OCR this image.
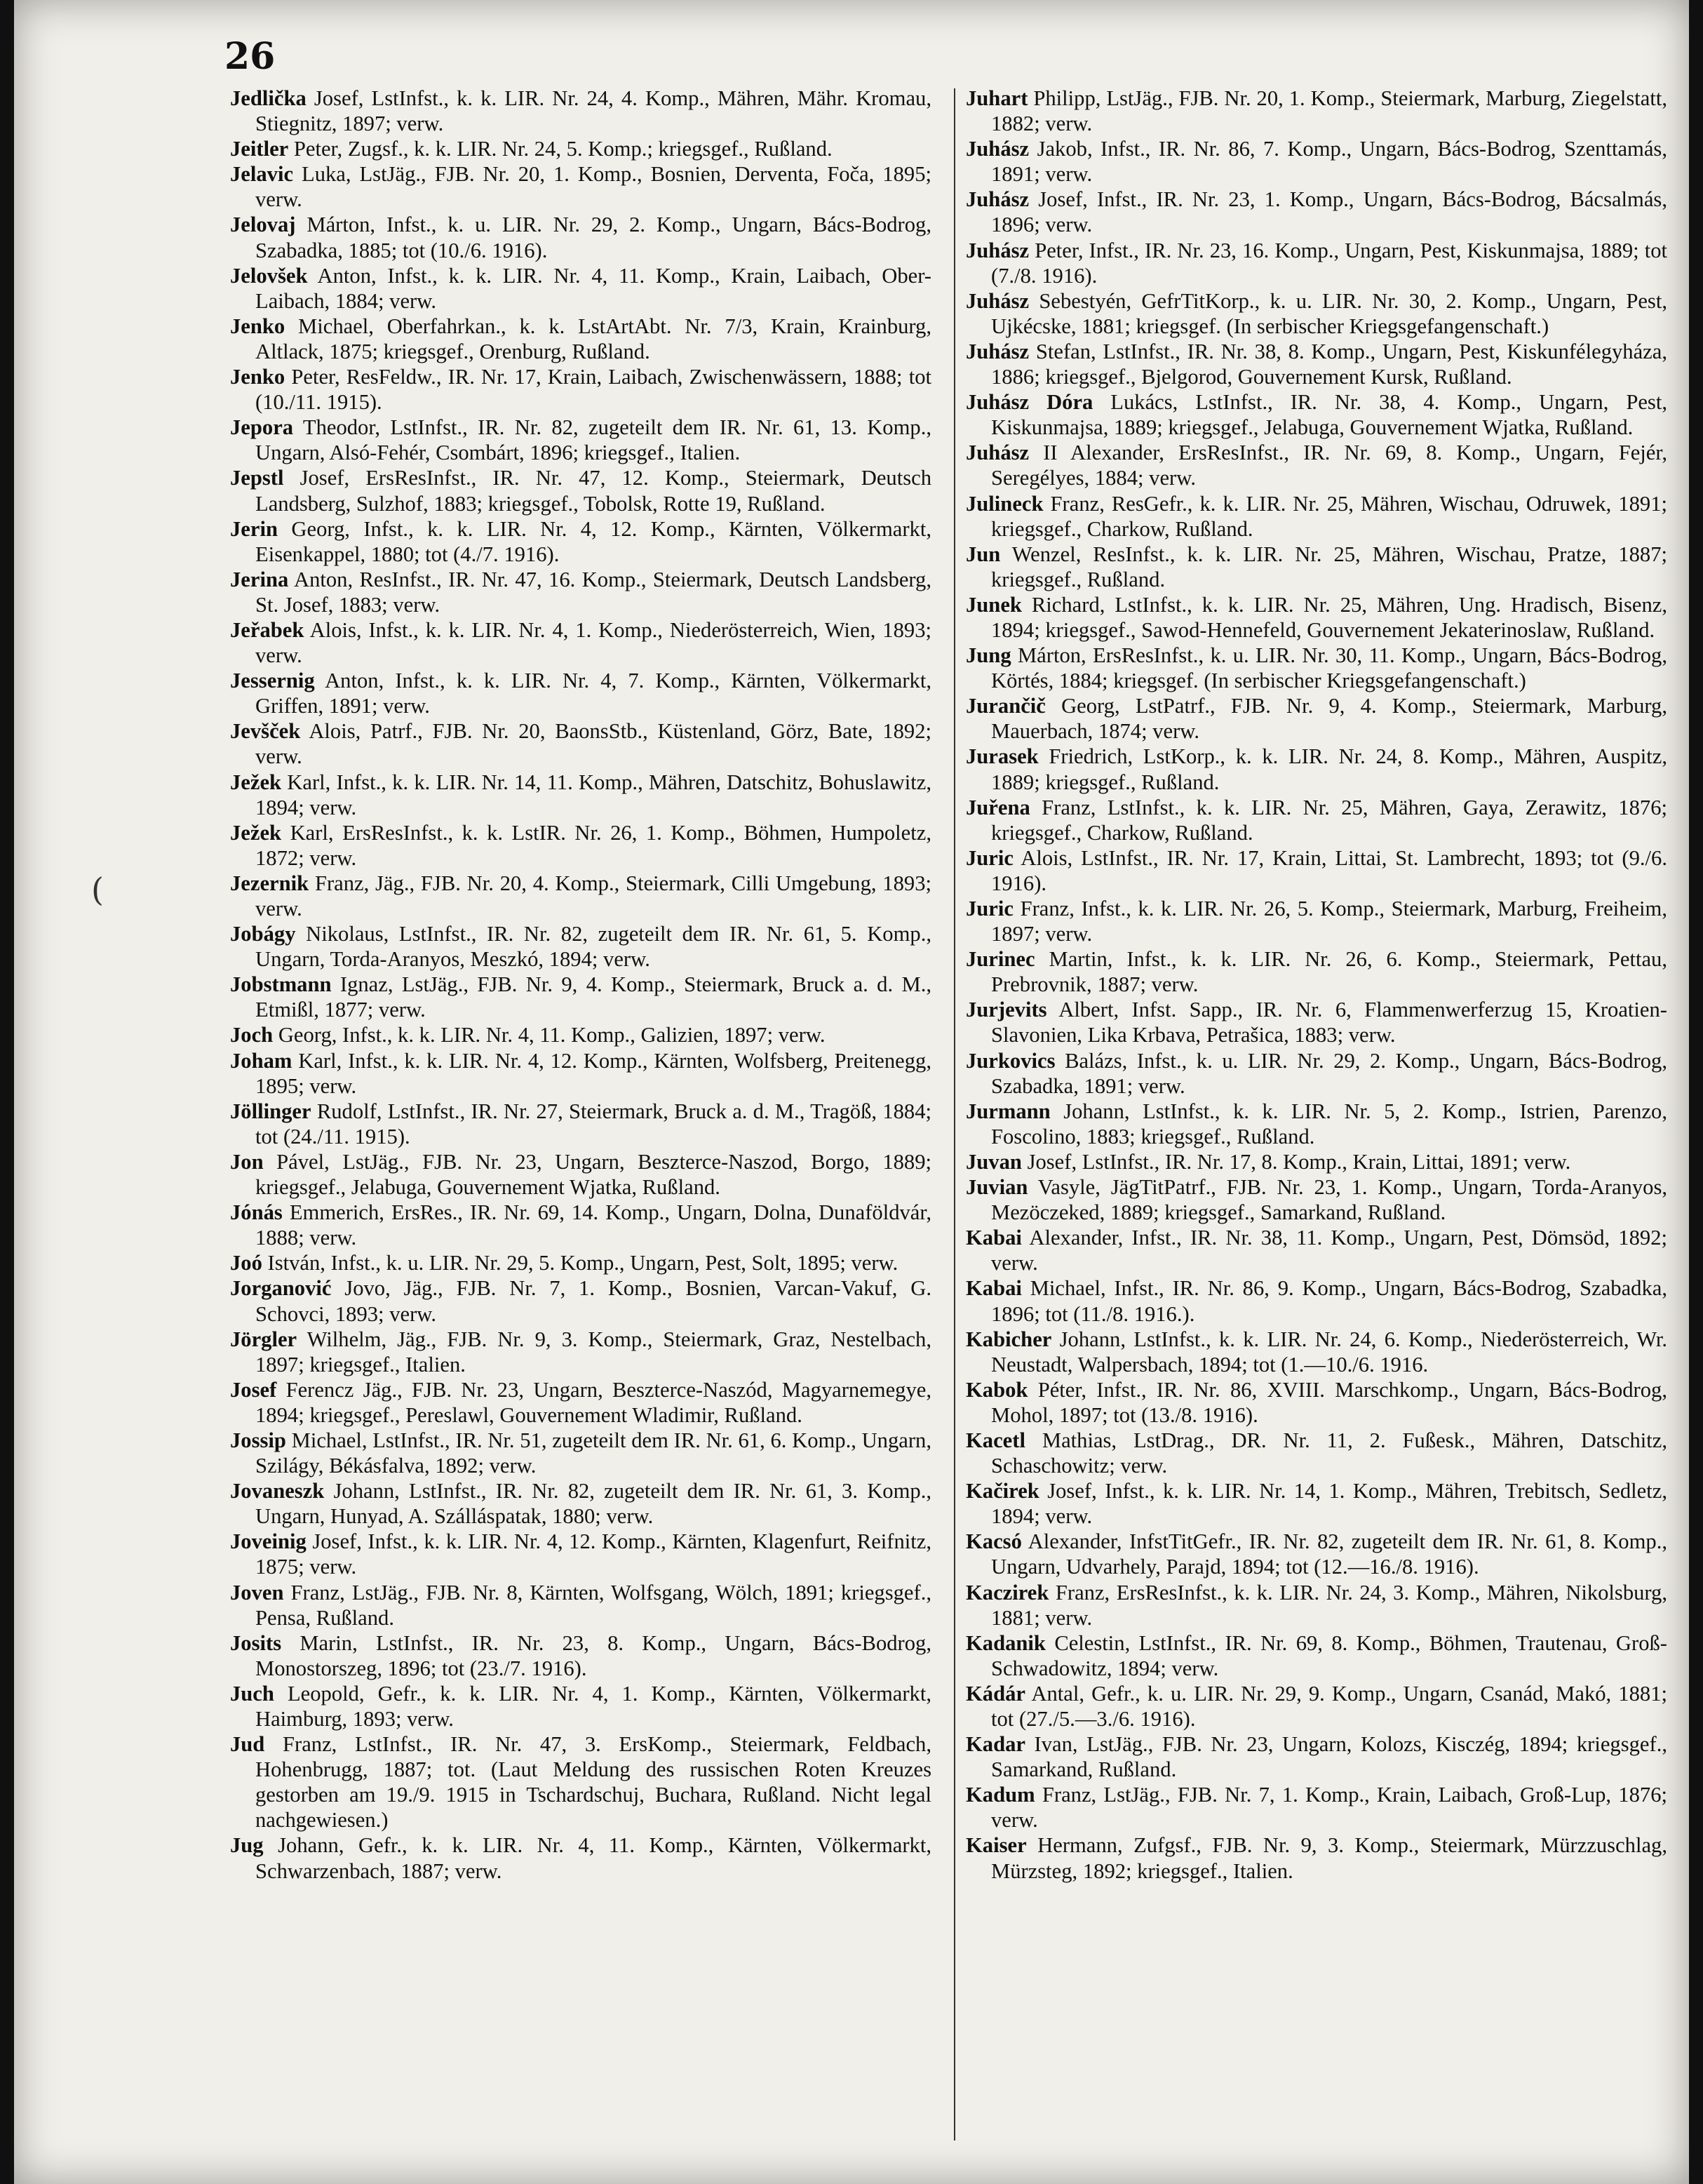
26

Jedlička Josef, LstInfst., k. k. LIR. Nr. 24, 4. Komp., Mähren, Mähr. Kromau, Stiegnitz, 1897; verw.

Jeitler Peter, Zugsf., k. k. LIR. Nr. 24, 5. Komp.; kriegsgef., Rußland.

Jelavic Luka, LstJäg., FJB. Nr. 20, 1. Komp., Bosnien, Derventa, Foča, 1895; verw.

Jelovaj Márton, Infst., k. u. LIR. Nr. 29, 2. Komp., Ungarn, Bács-Bodrog, Szabadka, 1885; tot (10./6. 1916).

Jelovšek Anton, Infst., k. k. LIR. Nr. 4, 11. Komp., Krain, Laibach, Ober-Laibach, 1884; verw.

Jenko Michael, Oberfahrkan., k. k. LstArtAbt. Nr. 7/3, Krain, Krainburg, Altlack, 1875; kriegsgef., Orenburg, Rußland.

Jenko Peter, ResFeldw., IR. Nr. 17, Krain, Laibach, Zwischenwässern, 1888; tot (10./11. 1915).

Jepora Theodor, LstInfst., IR. Nr. 82, zugeteilt dem IR. Nr. 61, 13. Komp., Ungarn, Alsó-Fehér, Csombárt, 1896; kriegsgef., Italien.

Jepstl Josef, ErsResInfst., IR. Nr. 47, 12. Komp., Steiermark, Deutsch Landsberg, Sulzhof, 1883; kriegsgef., Tobolsk, Rotte 19, Rußland.

Jerin Georg, Infst., k. k. LIR. Nr. 4, 12. Komp., Kärnten, Völkermarkt, Eisenkappel, 1880; tot (4./7. 1916).

Jerina Anton, ResInfst., IR. Nr. 47, 16. Komp., Steiermark, Deutsch Landsberg, St. Josef, 1883; verw.

Jeřabek Alois, Infst., k. k. LIR. Nr. 4, 1. Komp., Niederösterreich, Wien, 1893; verw.

Jessernig Anton, Infst., k. k. LIR. Nr. 4, 7. Komp., Kärnten, Völkermarkt, Griffen, 1891; verw.

Jevšček Alois, Patrf., FJB. Nr. 20, BaonsStb., Küstenland, Görz, Bate, 1892; verw.

Ježek Karl, Infst., k. k. LIR. Nr. 14, 11. Komp., Mähren, Datschitz, Bohuslawitz, 1894; verw.

Ježek Karl, ErsResInfst., k. k. LstIR. Nr. 26, 1. Komp., Böhmen, Humpoletz, 1872; verw.

Jezernik Franz, Jäg., FJB. Nr. 20, 4. Komp., Steiermark, Cilli Umgebung, 1893; verw.

Jobágy Nikolaus, LstInfst., IR. Nr. 82, zugeteilt dem IR. Nr. 61, 5. Komp., Ungarn, Torda-Aranyos, Meszkó, 1894; verw.

Jobstmann Ignaz, LstJäg., FJB. Nr. 9, 4. Komp., Steiermark, Bruck a. d. M., Etmißl, 1877; verw.

Joch Georg, Infst., k. k. LIR. Nr. 4, 11. Komp., Galizien, 1897; verw.

Joham Karl, Infst., k. k. LIR. Nr. 4, 12. Komp., Kärnten, Wolfsberg, Preitenegg, 1895; verw.

Jöllinger Rudolf, LstInfst., IR. Nr. 27, Steiermark, Bruck a. d. M., Tragöß, 1884; tot (24./11. 1915).

Jon Pável, LstJäg., FJB. Nr. 23, Ungarn, Beszterce-Naszod, Borgo, 1889; kriegsgef., Jelabuga, Gouvernement Wjatka, Rußland.

Jónás Emmerich, ErsRes., IR. Nr. 69, 14. Komp., Ungarn, Dolna, Dunaföldvár, 1888; verw.

Joó István, Infst., k. u. LIR. Nr. 29, 5. Komp., Ungarn, Pest, Solt, 1895; verw.

Jorganović Jovo, Jäg., FJB. Nr. 7, 1. Komp., Bosnien, Varcan-Vakuf, G. Schovci, 1893; verw.

Jörgler Wilhelm, Jäg., FJB. Nr. 9, 3. Komp., Steiermark, Graz, Nestelbach, 1897; kriegsgef., Italien.

Josef Ferencz Jäg., FJB. Nr. 23, Ungarn, Beszterce-Naszód, Magyarnemegye, 1894; kriegsgef., Pereslawl, Gouvernement Wladimir, Rußland.

Jossip Michael, LstInfst., IR. Nr. 51, zugeteilt dem IR. Nr. 61, 6. Komp., Ungarn, Szilágy, Békásfalva, 1892; verw.

Jovaneszk Johann, LstInfst., IR. Nr. 82, zugeteilt dem IR. Nr. 61, 3. Komp., Ungarn, Hunyad, A. Szálláspatak, 1880; verw.

Joveinig Josef, Infst., k. k. LIR. Nr. 4, 12. Komp., Kärnten, Klagenfurt, Reifnitz, 1875; verw.

Joven Franz, LstJäg., FJB. Nr. 8, Kärnten, Wolfsgang, Wölch, 1891; kriegsgef., Pensa, Rußland.

Josits Marin, LstInfst., IR. Nr. 23, 8. Komp., Ungarn, Bács-Bodrog, Monostorszeg, 1896; tot (23./7. 1916).

Juch Leopold, Gefr., k. k. LIR. Nr. 4, 1. Komp., Kärnten, Völkermarkt, Haimburg, 1893; verw.

Jud Franz, LstInfst., IR. Nr. 47, 3. ErsKomp., Steiermark, Feldbach, Hohenbrugg, 1887; tot. (Laut Meldung des russischen Roten Kreuzes gestorben am 19./9. 1915 in Tschardschuj, Buchara, Rußland. Nicht legal nachgewiesen.)

Jug Johann, Gefr., k. k. LIR. Nr. 4, 11. Komp., Kärnten, Völkermarkt, Schwarzenbach, 1887; verw.

Juhart Philipp, LstJäg., FJB. Nr. 20, 1. Komp., Steiermark, Marburg, Ziegelstatt, 1882; verw.

Juhász Jakob, Infst., IR. Nr. 86, 7. Komp., Ungarn, Bács-Bodrog, Szenttamás, 1891; verw.

Juhász Josef, Infst., IR. Nr. 23, 1. Komp., Ungarn, Bács-Bodrog, Bácsalmás, 1896; verw.

Juhász Peter, Infst., IR. Nr. 23, 16. Komp., Ungarn, Pest, Kiskunmajsa, 1889; tot (7./8. 1916).

Juhász Sebestyén, GefrTitKorp., k. u. LIR. Nr. 30, 2. Komp., Ungarn, Pest, Ujkécske, 1881; kriegsgef. (In serbischer Kriegsgefangenschaft.)

Juhász Stefan, LstInfst., IR. Nr. 38, 8. Komp., Ungarn, Pest, Kiskunfélegyháza, 1886; kriegsgef., Bjelgorod, Gouvernement Kursk, Rußland.

Juhász Dóra Lukács, LstInfst., IR. Nr. 38, 4. Komp., Ungarn, Pest, Kiskunmajsa, 1889; kriegsgef., Jelabuga, Gouvernement Wjatka, Rußland.

Juhász II Alexander, ErsResInfst., IR. Nr. 69, 8. Komp., Ungarn, Fejér, Seregélyes, 1884; verw.

Julineck Franz, ResGefr., k. k. LIR. Nr. 25, Mähren, Wischau, Odruwek, 1891; kriegsgef., Charkow, Rußland.

Jun Wenzel, ResInfst., k. k. LIR. Nr. 25, Mähren, Wischau, Pratze, 1887; kriegsgef., Rußland.

Junek Richard, LstInfst., k. k. LIR. Nr. 25, Mähren, Ung. Hradisch, Bisenz, 1894; kriegsgef., Sawod-Hennefeld, Gouvernement Jekaterinoslaw, Rußland.

Jung Márton, ErsResInfst., k. u. LIR. Nr. 30, 11. Komp., Ungarn, Bács-Bodrog, Körtés, 1884; kriegsgef. (In serbischer Kriegsgefangenschaft.)

Jurančič Georg, LstPatrf., FJB. Nr. 9, 4. Komp., Steiermark, Marburg, Mauerbach, 1874; verw.

Jurasek Friedrich, LstKorp., k. k. LIR. Nr. 24, 8. Komp., Mähren, Auspitz, 1889; kriegsgef., Rußland.

Juřena Franz, LstInfst., k. k. LIR. Nr. 25, Mähren, Gaya, Zerawitz, 1876; kriegsgef., Charkow, Rußland.

Juric Alois, LstInfst., IR. Nr. 17, Krain, Littai, St. Lambrecht, 1893; tot (9./6. 1916).

Juric Franz, Infst., k. k. LIR. Nr. 26, 5. Komp., Steiermark, Marburg, Freiheim, 1897; verw.

Jurinec Martin, Infst., k. k. LIR. Nr. 26, 6. Komp., Steiermark, Pettau, Prebrovnik, 1887; verw.

Jurjevits Albert, Infst. Sapp., IR. Nr. 6, Flammenwerferzug 15, Kroatien-Slavonien, Lika Krbava, Petrašica, 1883; verw.

Jurkovics Balázs, Infst., k. u. LIR. Nr. 29, 2. Komp., Ungarn, Bács-Bodrog, Szabadka, 1891; verw.

Jurmann Johann, LstInfst., k. k. LIR. Nr. 5, 2. Komp., Istrien, Parenzo, Foscolino, 1883; kriegsgef., Rußland.

Juvan Josef, LstInfst., IR. Nr. 17, 8. Komp., Krain, Littai, 1891; verw.

Juvian Vasyle, JägTitPatrf., FJB. Nr. 23, 1. Komp., Ungarn, Torda-Aranyos, Mezöczeked, 1889; kriegsgef., Samarkand, Rußland.

Kabai Alexander, Infst., IR. Nr. 38, 11. Komp., Ungarn, Pest, Dömsöd, 1892; verw.

Kabai Michael, Infst., IR. Nr. 86, 9. Komp., Ungarn, Bács-Bodrog, Szabadka, 1896; tot (11./8. 1916.).

Kabicher Johann, LstInfst., k. k. LIR. Nr. 24, 6. Komp., Niederösterreich, Wr. Neustadt, Walpersbach, 1894; tot (1.—10./6. 1916.

Kabok Péter, Infst., IR. Nr. 86, XVIII. Marschkomp., Ungarn, Bács-Bodrog, Mohol, 1897; tot (13./8. 1916).

Kacetl Mathias, LstDrag., DR. Nr. 11, 2. Fußesk., Mähren, Datschitz, Schaschowitz; verw.

Kačirek Josef, Infst., k. k. LIR. Nr. 14, 1. Komp., Mähren, Trebitsch, Sedletz, 1894; verw.

Kacsó Alexander, InfstTitGefr., IR. Nr. 82, zugeteilt dem IR. Nr. 61, 8. Komp., Ungarn, Udvarhely, Parajd, 1894; tot (12.—16./8. 1916).

Kaczirek Franz, ErsResInfst., k. k. LIR. Nr. 24, 3. Komp., Mähren, Nikolsburg, 1881; verw.

Kadanik Celestin, LstInfst., IR. Nr. 69, 8. Komp., Böhmen, Trautenau, Groß-Schwadowitz, 1894; verw.

Kádár Antal, Gefr., k. u. LIR. Nr. 29, 9. Komp., Ungarn, Csanád, Makó, 1881; tot (27./5.—3./6. 1916).

Kadar Ivan, LstJäg., FJB. Nr. 23, Ungarn, Kolozs, Kisczég, 1894; kriegsgef., Samarkand, Rußland.

Kadum Franz, LstJäg., FJB. Nr. 7, 1. Komp., Krain, Laibach, Groß-Lup, 1876; verw.

Kaiser Hermann, Zufgsf., FJB. Nr. 9, 3. Komp., Steiermark, Mürzzuschlag, Mürzsteg, 1892; kriegsgef., Italien.

(
